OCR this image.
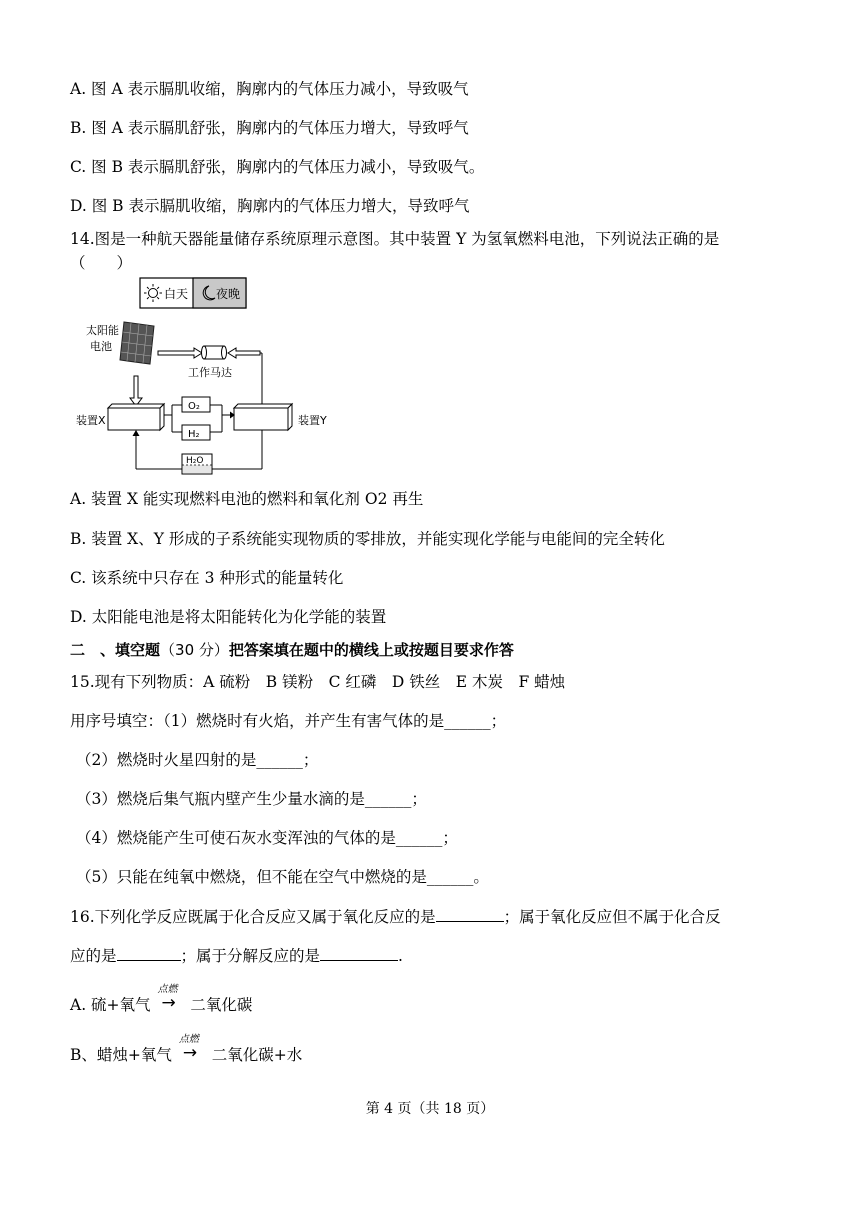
A. 图 A 表示膈肌收缩，胸廓内的气体压力减小，导致吸气
B. 图 A 表示膈肌舒张，胸廓内的气体压力增大，导致呼气
C. 图 B 表示膈肌舒张，胸廓内的气体压力减小，导致吸气。
D. 图 B 表示膈肌收缩，胸廓内的气体压力增大，导致呼气
14.图是一种航天器能量储存系统原理示意图。其中装置 Y 为氢氧燃料电池，下列说法正确的是
（　　）
白天 夜晚
太阳能
电池
工作马达
装置X	装置Y
O₂
H₂
H₂O
A. 装置 X 能实现燃料电池的燃料和氧化剂 O2 再生
B. 装置 X、Y 形成的子系统能实现物质的零排放，并能实现化学能与电能间的完全转化
C. 该系统中只存在 3 种形式的能量转化
D. 太阳能电池是将太阳能转化为化学能的装置
二　、填空题（30 分）把答案填在题中的横线上或按题目要求作答
15.现有下列物质：A 硫粉　B 镁粉　C 红磷　D 铁丝　E 木炭　F 蜡烛
用序号填空：（1）燃烧时有火焰，并产生有害气体的是______；
（2）燃烧时火星四射的是______；
（3）燃烧后集气瓶内壁产生少量水滴的是______；
（4）燃烧能产生可使石灰水变浑浊的气体的是______；
（5）只能在纯氧中燃烧，但不能在空气中燃烧的是______。
16.下列化学反应既属于化合反应又属于氧化反应的是	；属于氧化反应但不属于化合反
应的是	；属于分解反应的是	.
A. 硫+氧气
点燃
→ 二氧化碳
B、蜡烛+氧气
点燃
→ 二氧化碳+水
第 4 页（共 18 页）
